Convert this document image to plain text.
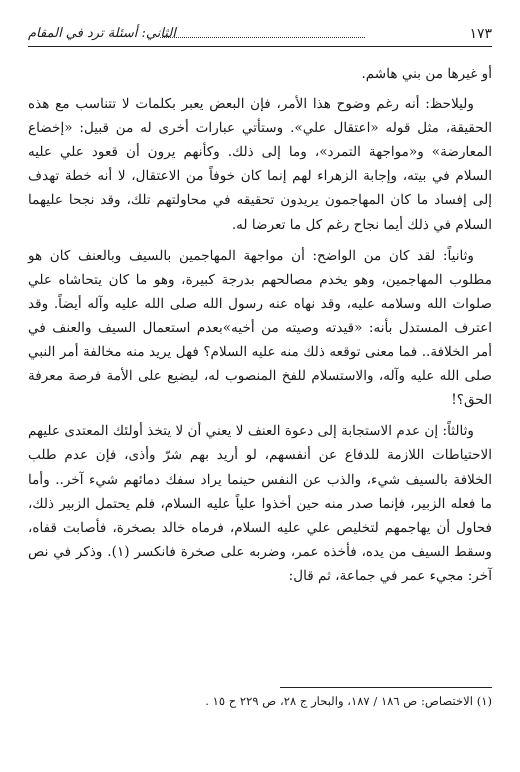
١٧٣
الثاني: أسئلة ترد في المقام

أو غيرها من بني هاشم.

وليلاحظ: أنه رغم وضوح هذا الأمر، فإن البعض يعبر بكلمات لا تتناسب مع هذه الحقيقة، مثل قوله «اعتقال علي». وستأتي عبارات أخرى له من قبيل: «إخضاع المعارضة» و«مواجهة التمرد»، وما إلى ذلك. وكأنهم يرون أن قعود علي عليه السلام في بيته، وإجابة الزهراء لهم إنما كان خوفاً من الاعتقال، لا أنه خطة تهدف إلى إفساد ما كان المهاجمون يريدون تحقيقه في محاولتهم تلك، وقد نجحا عليهما السلام في ذلك أيما نجاح رغم كل ما تعرضا له.

وثانياً: لقد كان من الواضح: أن مواجهة المهاجمين بالسيف وبالعنف كان هو مطلوب المهاجمين، وهو يخدم مصالحهم بدرجة كبيرة، وهو ما كان يتحاشاه علي صلوات الله وسلامه عليه، وقد نهاه عنه رسول الله صلى الله عليه وآله أيضاً. وقد اعترف المستدل بأنه: «قيدته وصيته من أخيه»بعدم استعمال السيف والعنف في أمر الخلافة.. فما معنى توقعه ذلك منه عليه السلام؟ فهل يريد منه مخالفة أمر النبي صلى الله عليه وآله، والاستسلام للفخ المنصوب له، ليضيع على الأمة فرصة معرفة الحق؟!

وثالثاً: إن عدم الاستجابة إلى دعوة العنف لا يعني أن لا يتخذ أولئك المعتدى عليهم الاحتياطات اللازمة للدفاع عن أنفسهم، لو أريد بهم شرّ وأذى، فإن عدم طلب الخلافة بالسيف شيء، والذب عن النفس حينما يراد سفك دمائهم شيء آخر.. وأما ما فعله الزبير، فإنما صدر منه حين أخذوا علياً عليه السلام، فلم يحتمل الزبير ذلك، فحاول أن يهاجمهم لتخليص علي عليه السلام، فرماه خالد بصخرة، فأصابت قفاه، وسقط السيف من يده، فأخذه عمر، وضربه على صخرة فانكسر (١). وذكر في نص آخر: مجيء عمر في جماعة، ثم قال:

(١) الاختصاص: ص ١٨٦ / ١٨٧، والبحار ج ٢٨، ص ٢٢٩ ح ١٥ .
